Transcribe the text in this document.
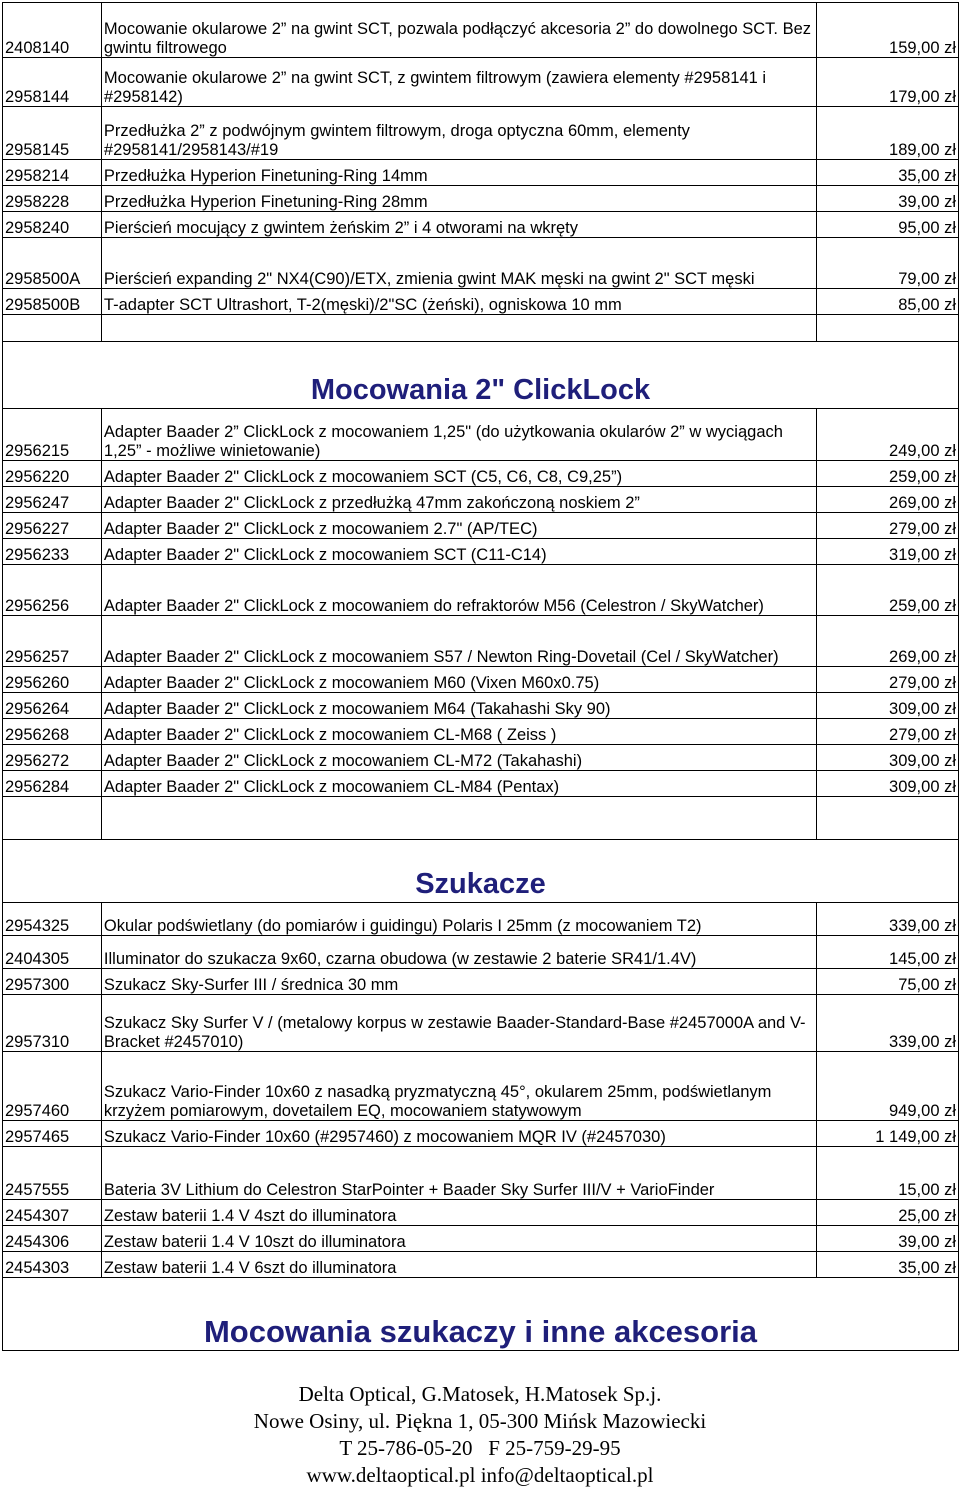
2408140	Mocowanie okularowe 2” na gwint SCT, pozwala podłączyć akcesoria 2” do dowolnego SCT. Bez gwintu filtrowego	159,00 zł
2958144	Mocowanie okularowe 2” na gwint SCT, z gwintem filtrowym (zawiera elementy #2958141 i #2958142)	179,00 zł
2958145	Przedłużka 2” z podwójnym gwintem filtrowym, droga optyczna 60mm, elementy #2958141/2958143/#19	189,00 zł
2958214	Przedłużka Hyperion Finetuning-Ring 14mm	35,00 zł
2958228	Przedłużka Hyperion Finetuning-Ring 28mm	39,00 zł
2958240	Pierścień mocujący z gwintem żeńskim 2” i 4 otworami na wkręty	95,00 zł
2958500A	Pierścień expanding 2" NX4(C90)/ETX, zmienia gwint MAK męski na gwint 2" SCT męski	79,00 zł
2958500B	T-adapter SCT Ultrashort, T-2(męski)/2"SC (żeński), ogniskowa 10 mm	85,00 zł

Mocowania 2" ClickLock		
2956215	Adapter Baader 2” ClickLock z mocowaniem 1,25" (do użytkowania okularów 2” w wyciągach 1,25” - możliwe winietowanie)	249,00 zł
2956220	Adapter Baader 2" ClickLock z mocowaniem SCT (C5, C6, C8, C9,25”)	259,00 zł
2956247	Adapter Baader 2" ClickLock z przedłużką 47mm zakończoną noskiem 2”	269,00 zł
2956227	Adapter Baader 2" ClickLock z mocowaniem 2.7" (AP/TEC)	279,00 zł
2956233	Adapter Baader 2" ClickLock z mocowaniem SCT (C11-C14)	319,00 zł
2956256	Adapter Baader 2" ClickLock z mocowaniem do refraktorów M56 (Celestron / SkyWatcher)	259,00 zł
2956257	Adapter Baader 2" ClickLock z mocowaniem S57 / Newton Ring-Dovetail (Cel / SkyWatcher)	269,00 zł
2956260	Adapter Baader 2" ClickLock z mocowaniem M60 (Vixen M60x0.75)	279,00 zł
2956264	Adapter Baader 2" ClickLock z mocowaniem M64 (Takahashi Sky 90)	309,00 zł
2956268	Adapter Baader 2" ClickLock z mocowaniem CL-M68 ( Zeiss )	279,00 zł
2956272	Adapter Baader 2" ClickLock z mocowaniem CL-M72 (Takahashi)	309,00 zł
2956284	Adapter Baader 2" ClickLock z mocowaniem CL-M84 (Pentax)	309,00 zł

Szukacze		
2954325	Okular podświetlany (do pomiarów i guidingu) Polaris I 25mm (z mocowaniem T2)	339,00 zł
2404305	Illuminator do szukacza 9x60, czarna obudowa (w zestawie 2 baterie SR41/1.4V)	145,00 zł
2957300	Szukacz Sky-Surfer III / średnica 30 mm	75,00 zł
2957310	Szukacz Sky Surfer V / (metalowy korpus w zestawie Baader-Standard-Base #2457000A and V-Bracket #2457010)	339,00 zł
2957460	Szukacz Vario-Finder 10x60 z nasadką pryzmatyczną 45°, okularem 25mm, podświetlanym krzyżem pomiarowym, dovetailem EQ, mocowaniem statywowym	949,00 zł
2957465	Szukacz Vario-Finder 10x60 (#2957460) z mocowaniem MQR IV (#2457030)	1 149,00 zł
2457555	Bateria 3V Lithium do Celestron StarPointer + Baader Sky Surfer III/V + VarioFinder	15,00 zł
2454307	Zestaw baterii 1.4 V 4szt do illuminatora	25,00 zł
2454306	Zestaw baterii 1.4 V 10szt do illuminatora	39,00 zł
2454303	Zestaw baterii 1.4 V 6szt do illuminatora	35,00 zł
Mocowania szukaczy i inne akcesoria		
Delta Optical, G.Matosek, H.Matosek Sp.j.
Nowe Osiny, ul. Piękna 1, 05-300 Mińsk Mazowiecki
T 25-786-05-20   F 25-759-29-95
www.deltaoptical.pl info@deltaoptical.pl
